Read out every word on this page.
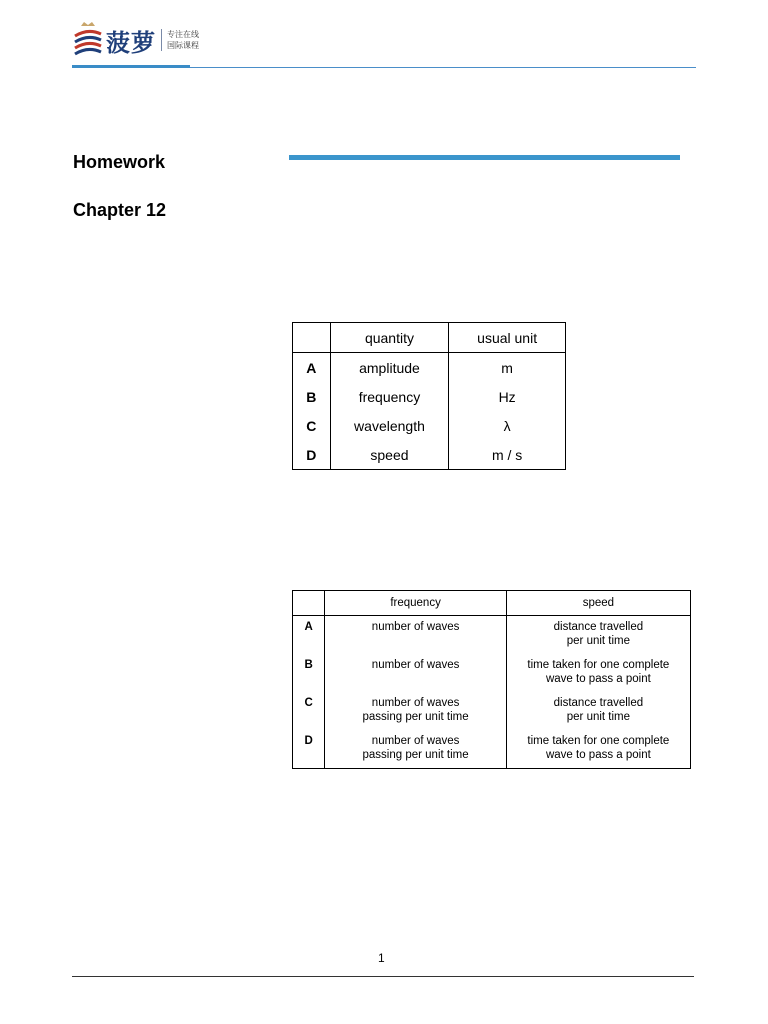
菠萝 专注在线
国际课程
Homework
Chapter 12
	quantity	usual unit
A	amplitude	m
B	frequency	Hz
C	wavelength	λ
D	speed	m / s
	frequency	speed
A	number of waves	distance travelled
per unit time

B	number of waves	time taken for one complete
wave to pass a point

C	number of waves
passing per unit time	distance travelled
per unit time

D	number of waves
passing per unit time	time taken for one complete
wave to pass a point
1
